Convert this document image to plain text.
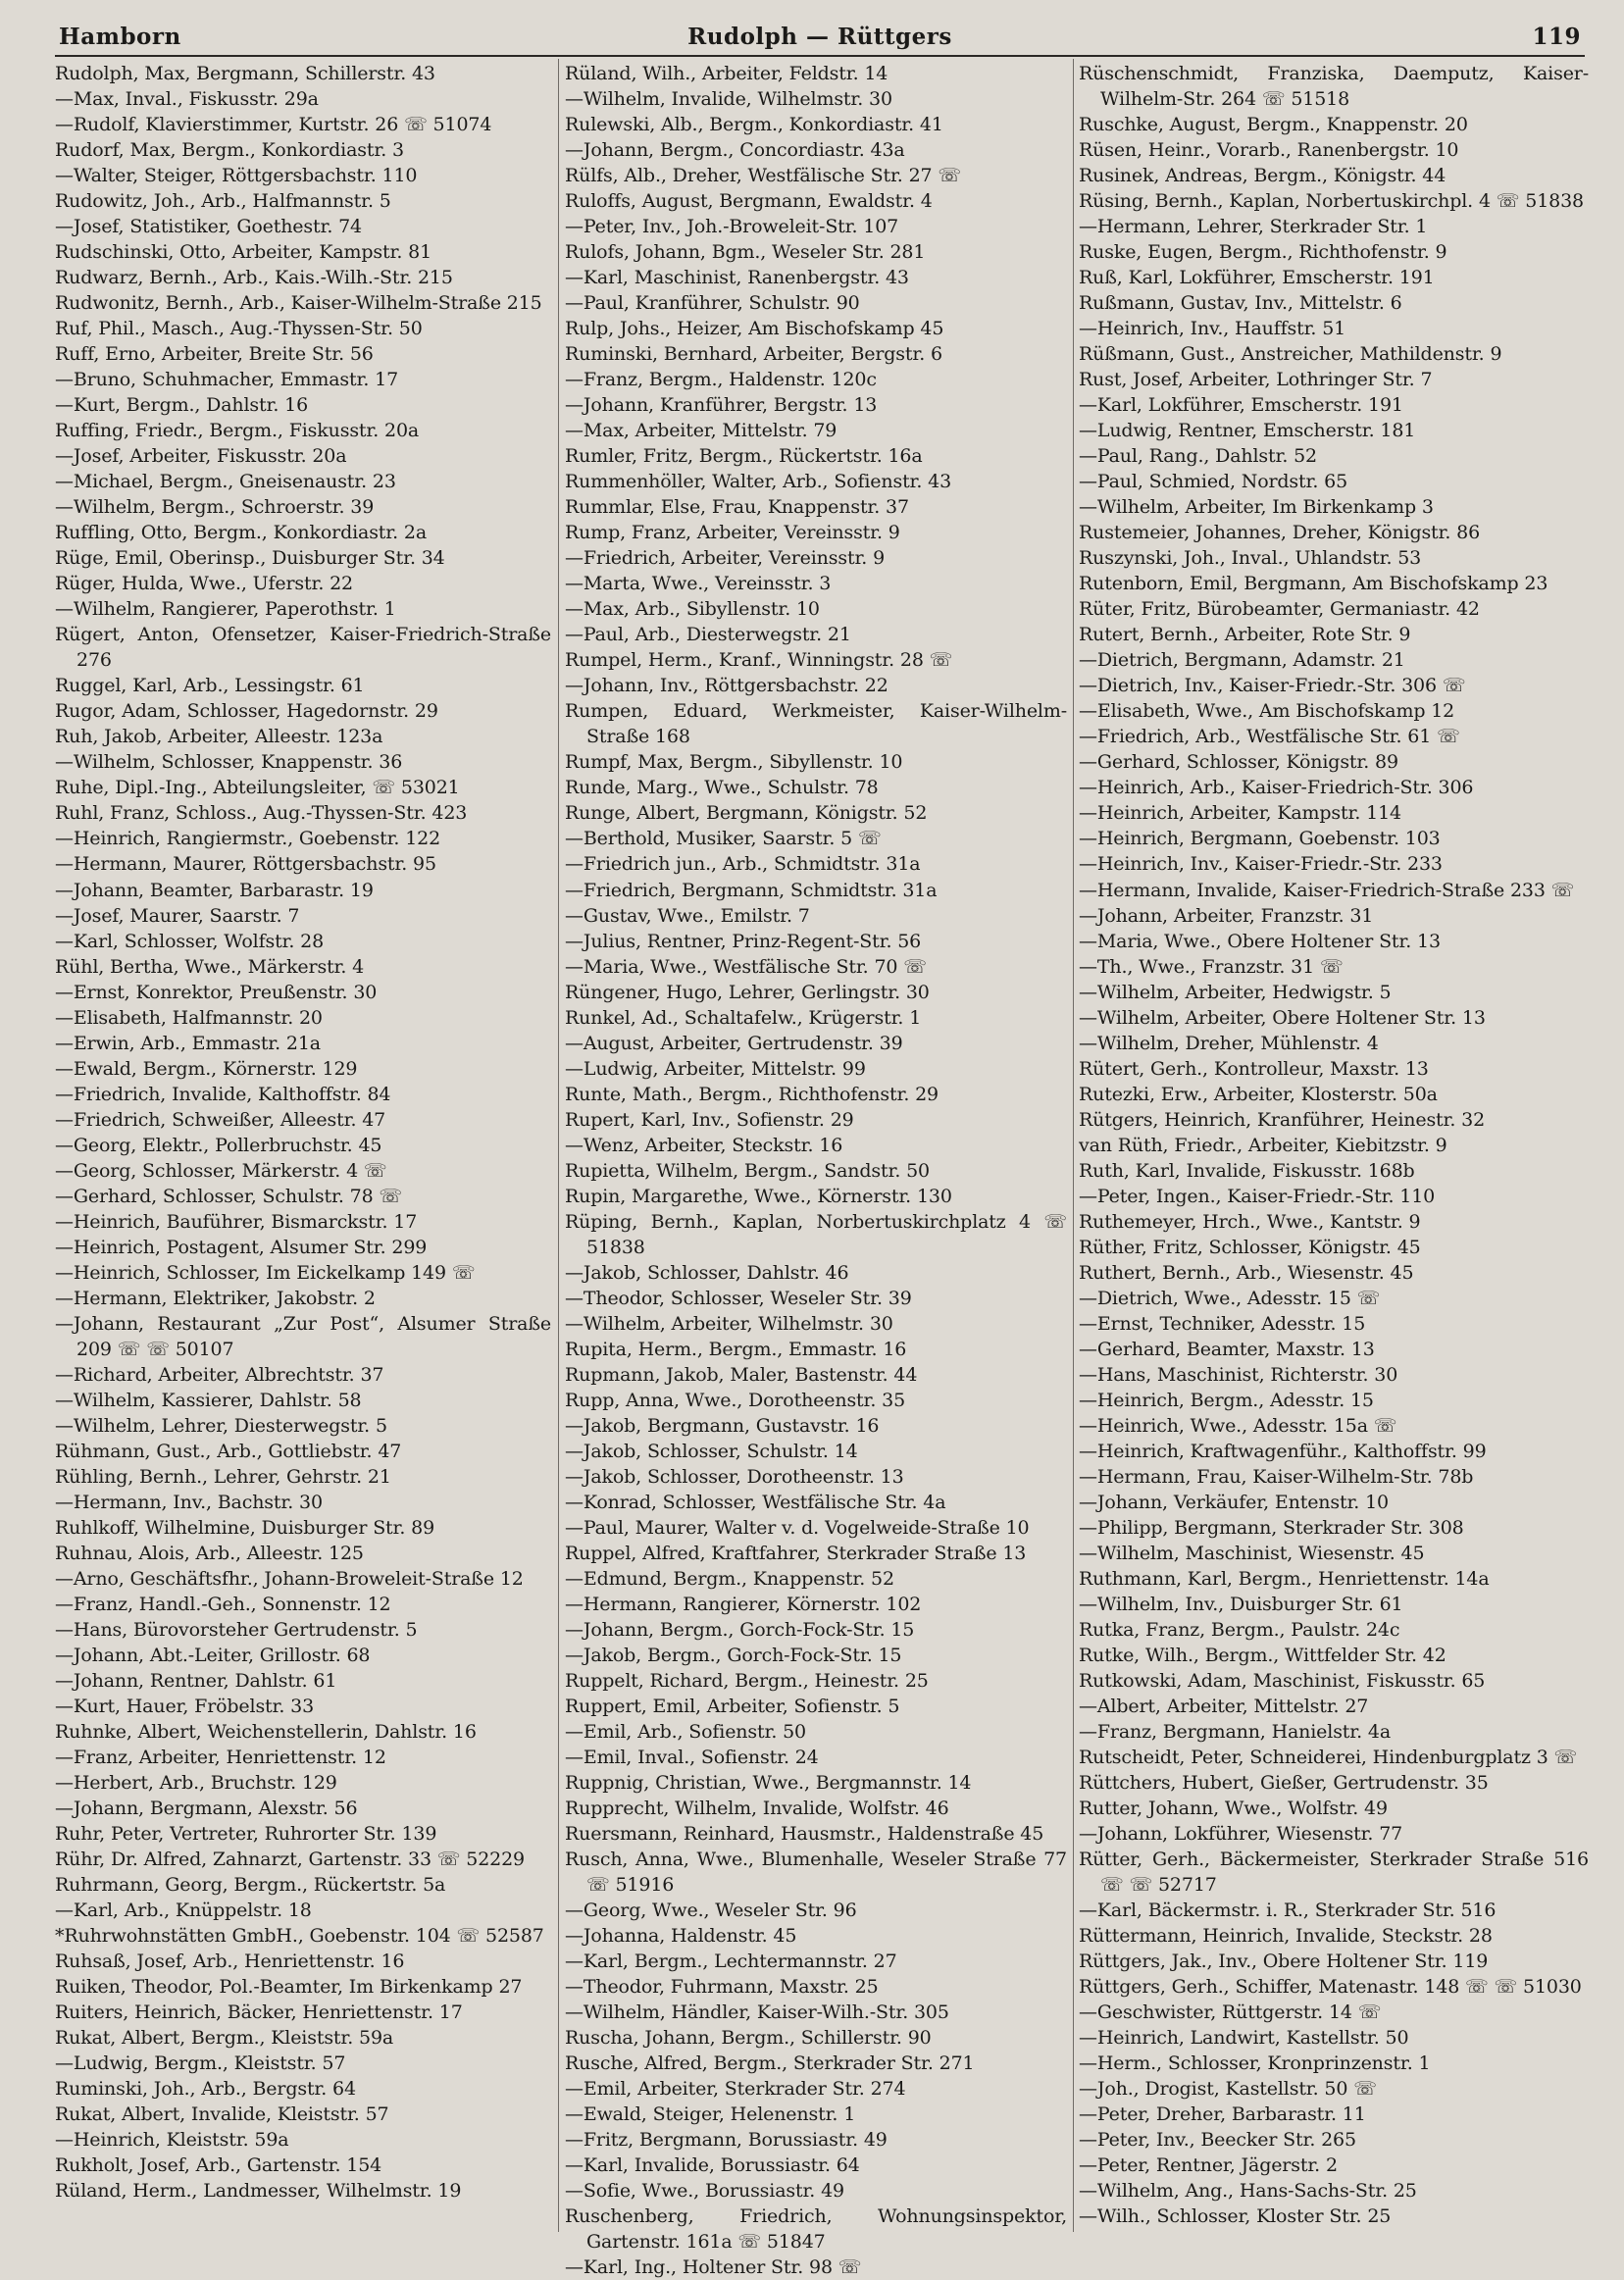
Hamborn	Rudolph — Rüttgers	119
Rudolph, Max, Bergmann, Schillerstr. 43
—Max, Inval., Fiskusstr. 29a
—Rudolf, Klavierstimmer, Kurtstr. 26 ☏ 51074
Rudorf, Max, Bergm., Konkordiastr. 3
—Walter, Steiger, Röttgersbachstr. 110
Rudowitz, Joh., Arb., Halfmannstr. 5
—Josef, Statistiker, Goethestr. 74
Rudschinski, Otto, Arbeiter, Kampstr. 81
Rudwarz, Bernh., Arb., Kais.-Wilh.-Str. 215
Rudwonitz, Bernh., Arb., Kaiser-Wilhelm-Straße 215
Ruf, Phil., Masch., Aug.-Thyssen-Str. 50
Ruff, Erno, Arbeiter, Breite Str. 56
—Bruno, Schuhmacher, Emmastr. 17
—Kurt, Bergm., Dahlstr. 16
Ruffing, Friedr., Bergm., Fiskusstr. 20a
—Josef, Arbeiter, Fiskusstr. 20a
—Michael, Bergm., Gneisenaustr. 23
—Wilhelm, Bergm., Schroerstr. 39
Ruffling, Otto, Bergm., Konkordiastr. 2a
Rüge, Emil, Oberinsp., Duisburger Str. 34
Rüger, Hulda, Wwe., Uferstr. 22
—Wilhelm, Rangierer, Paperothstr. 1
Rügert, Anton, Ofensetzer, Kaiser-Friedrich-Straße 276
Ruggel, Karl, Arb., Lessingstr. 61
Rugor, Adam, Schlosser, Hagedornstr. 29
Ruh, Jakob, Arbeiter, Alleestr. 123a
—Wilhelm, Schlosser, Knappenstr. 36
Ruhe, Dipl.-Ing., Abteilungsleiter, ☏ 53021
Ruhl, Franz, Schloss., Aug.-Thyssen-Str. 423
—Heinrich, Rangiermstr., Goebenstr. 122
—Hermann, Maurer, Röttgersbachstr. 95
—Johann, Beamter, Barbarastr. 19
—Josef, Maurer, Saarstr. 7
—Karl, Schlosser, Wolfstr. 28
Rühl, Bertha, Wwe., Märkerstr. 4
—Ernst, Konrektor, Preußenstr. 30
—Elisabeth, Halfmannstr. 20
—Erwin, Arb., Emmastr. 21a
—Ewald, Bergm., Körnerstr. 129
—Friedrich, Invalide, Kalthoffstr. 84
—Friedrich, Schweißer, Alleestr. 47
—Georg, Elektr., Pollerbruchstr. 45
—Georg, Schlosser, Märkerstr. 4 ☏
—Gerhard, Schlosser, Schulstr. 78 ☏
—Heinrich, Bauführer, Bismarckstr. 17
—Heinrich, Postagent, Alsumer Str. 299
—Heinrich, Schlosser, Im Eickelkamp 149 ☏
—Hermann, Elektriker, Jakobstr. 2
—Johann, Restaurant „Zur Post“, Alsumer Straße 209 ☏ ☏ 50107
—Richard, Arbeiter, Albrechtstr. 37
—Wilhelm, Kassierer, Dahlstr. 58
—Wilhelm, Lehrer, Diesterwegstr. 5
Rühmann, Gust., Arb., Gottliebstr. 47
Rühling, Bernh., Lehrer, Gehrstr. 21
—Hermann, Inv., Bachstr. 30
Ruhlkoff, Wilhelmine, Duisburger Str. 89
Ruhnau, Alois, Arb., Alleestr. 125
—Arno, Geschäftsfhr., Johann-Broweleit-Straße 12
—Franz, Handl.-Geh., Sonnenstr. 12
—Hans, Bürovorsteher Gertrudenstr. 5
—Johann, Abt.-Leiter, Grillostr. 68
—Johann, Rentner, Dahlstr. 61
—Kurt, Hauer, Fröbelstr. 33
Ruhnke, Albert, Weichenstellerin, Dahlstr. 16
—Franz, Arbeiter, Henriettenstr. 12
—Herbert, Arb., Bruchstr. 129
—Johann, Bergmann, Alexstr. 56
Ruhr, Peter, Vertreter, Ruhrorter Str. 139
Rühr, Dr. Alfred, Zahnarzt, Gartenstr. 33 ☏ 52229
Ruhrmann, Georg, Bergm., Rückertstr. 5a
—Karl, Arb., Knüppelstr. 18
*Ruhrwohnstätten GmbH., Goebenstr. 104 ☏ 52587
Ruhsaß, Josef, Arb., Henriettenstr. 16
Ruiken, Theodor, Pol.-Beamter, Im Birkenkamp 27
Ruiters, Heinrich, Bäcker, Henriettenstr. 17
Rukat, Albert, Bergm., Kleiststr. 59a
—Ludwig, Bergm., Kleiststr. 57
Ruminski, Joh., Arb., Bergstr. 64
Rukat, Albert, Invalide, Kleiststr. 57
—Heinrich, Kleiststr. 59a
Rukholt, Josef, Arb., Gartenstr. 154
Rüland, Herm., Landmesser, Wilhelmstr. 19
Rüland, Wilh., Arbeiter, Feldstr. 14
—Wilhelm, Invalide, Wilhelmstr. 30
Rulewski, Alb., Bergm., Konkordiastr. 41
—Johann, Bergm., Concordiastr. 43a
Rülfs, Alb., Dreher, Westfälische Str. 27 ☏
Ruloffs, August, Bergmann, Ewaldstr. 4
—Peter, Inv., Joh.-Broweleit-Str. 107
Rulofs, Johann, Bgm., Weseler Str. 281
—Karl, Maschinist, Ranenbergstr. 43
—Paul, Kranführer, Schulstr. 90
Rulp, Johs., Heizer, Am Bischofskamp 45
Ruminski, Bernhard, Arbeiter, Bergstr. 6
—Franz, Bergm., Haldenstr. 120c
—Johann, Kranführer, Bergstr. 13
—Max, Arbeiter, Mittelstr. 79
Rumler, Fritz, Bergm., Rückertstr. 16a
Rummenhöller, Walter, Arb., Sofienstr. 43
Rummlar, Else, Frau, Knappenstr. 37
Rump, Franz, Arbeiter, Vereinsstr. 9
—Friedrich, Arbeiter, Vereinsstr. 9
—Marta, Wwe., Vereinsstr. 3
—Max, Arb., Sibyllenstr. 10
—Paul, Arb., Diesterwegstr. 21
Rumpel, Herm., Kranf., Winningstr. 28 ☏
—Johann, Inv., Röttgersbachstr. 22
Rumpen, Eduard, Werkmeister, Kaiser-Wilhelm-Straße 168
Rumpf, Max, Bergm., Sibyllenstr. 10
Runde, Marg., Wwe., Schulstr. 78
Runge, Albert, Bergmann, Königstr. 52
—Berthold, Musiker, Saarstr. 5 ☏
—Friedrich jun., Arb., Schmidtstr. 31a
—Friedrich, Bergmann, Schmidtstr. 31a
—Gustav, Wwe., Emilstr. 7
—Julius, Rentner, Prinz-Regent-Str. 56
—Maria, Wwe., Westfälische Str. 70 ☏
Rüngener, Hugo, Lehrer, Gerlingstr. 30
Runkel, Ad., Schaltafelw., Krügerstr. 1
—August, Arbeiter, Gertrudenstr. 39
—Ludwig, Arbeiter, Mittelstr. 99
Runte, Math., Bergm., Richthofenstr. 29
Rupert, Karl, Inv., Sofienstr. 29
—Wenz, Arbeiter, Steckstr. 16
Rupietta, Wilhelm, Bergm., Sandstr. 50
Rupin, Margarethe, Wwe., Körnerstr. 130
Rüping, Bernh., Kaplan, Norbertuskirchplatz 4 ☏ 51838
—Jakob, Schlosser, Dahlstr. 46
—Theodor, Schlosser, Weseler Str. 39
—Wilhelm, Arbeiter, Wilhelmstr. 30
Rupita, Herm., Bergm., Emmastr. 16
Rupmann, Jakob, Maler, Bastenstr. 44
Rupp, Anna, Wwe., Dorotheenstr. 35
—Jakob, Bergmann, Gustavstr. 16
—Jakob, Schlosser, Schulstr. 14
—Jakob, Schlosser, Dorotheenstr. 13
—Konrad, Schlosser, Westfälische Str. 4a
—Paul, Maurer, Walter v. d. Vogelweide-Straße 10
Ruppel, Alfred, Kraftfahrer, Sterkrader Straße 13
—Edmund, Bergm., Knappenstr. 52
—Hermann, Rangierer, Körnerstr. 102
—Johann, Bergm., Gorch-Fock-Str. 15
—Jakob, Bergm., Gorch-Fock-Str. 15
Ruppelt, Richard, Bergm., Heinestr. 25
Ruppert, Emil, Arbeiter, Sofienstr. 5
—Emil, Arb., Sofienstr. 50
—Emil, Inval., Sofienstr. 24
Ruppnig, Christian, Wwe., Bergmannstr. 14
Rupprecht, Wilhelm, Invalide, Wolfstr. 46
Ruersmann, Reinhard, Hausmstr., Haldenstraße 45
Rusch, Anna, Wwe., Blumenhalle, Weseler Straße 77 ☏ 51916
—Georg, Wwe., Weseler Str. 96
—Johanna, Haldenstr. 45
—Karl, Bergm., Lechtermannstr. 27
—Theodor, Fuhrmann, Maxstr. 25
—Wilhelm, Händler, Kaiser-Wilh.-Str. 305
Ruscha, Johann, Bergm., Schillerstr. 90
Rusche, Alfred, Bergm., Sterkrader Str. 271
—Emil, Arbeiter, Sterkrader Str. 274
—Ewald, Steiger, Helenenstr. 1
—Fritz, Bergmann, Borussiastr. 49
—Karl, Invalide, Borussiastr. 64
—Sofie, Wwe., Borussiastr. 49
Ruschenberg, Friedrich, Wohnungsinspektor, Gartenstr. 161a ☏ 51847
—Karl, Ing., Holtener Str. 98 ☏
Rüschenschmidt, Franziska, Daemputz, Kaiser-Wilhelm-Str. 264 ☏ 51518
Ruschke, August, Bergm., Knappenstr. 20
Rüsen, Heinr., Vorarb., Ranenbergstr. 10
Rusinek, Andreas, Bergm., Königstr. 44
Rüsing, Bernh., Kaplan, Norbertuskirchpl. 4 ☏ 51838
—Hermann, Lehrer, Sterkrader Str. 1
Ruske, Eugen, Bergm., Richthofenstr. 9
Ruß, Karl, Lokführer, Emscherstr. 191
Rußmann, Gustav, Inv., Mittelstr. 6
—Heinrich, Inv., Hauffstr. 51
Rüßmann, Gust., Anstreicher, Mathildenstr. 9
Rust, Josef, Arbeiter, Lothringer Str. 7
—Karl, Lokführer, Emscherstr. 191
—Ludwig, Rentner, Emscherstr. 181
—Paul, Rang., Dahlstr. 52
—Paul, Schmied, Nordstr. 65
—Wilhelm, Arbeiter, Im Birkenkamp 3
Rustemeier, Johannes, Dreher, Königstr. 86
Ruszynski, Joh., Inval., Uhlandstr. 53
Rutenborn, Emil, Bergmann, Am Bischofskamp 23
Rüter, Fritz, Bürobeamter, Germaniastr. 42
Rutert, Bernh., Arbeiter, Rote Str. 9
—Dietrich, Bergmann, Adamstr. 21
—Dietrich, Inv., Kaiser-Friedr.-Str. 306 ☏
—Elisabeth, Wwe., Am Bischofskamp 12
—Friedrich, Arb., Westfälische Str. 61 ☏
—Gerhard, Schlosser, Königstr. 89
—Heinrich, Arb., Kaiser-Friedrich-Str. 306
—Heinrich, Arbeiter, Kampstr. 114
—Heinrich, Bergmann, Goebenstr. 103
—Heinrich, Inv., Kaiser-Friedr.-Str. 233
—Hermann, Invalide, Kaiser-Friedrich-Straße 233 ☏
—Johann, Arbeiter, Franzstr. 31
—Maria, Wwe., Obere Holtener Str. 13
—Th., Wwe., Franzstr. 31 ☏
—Wilhelm, Arbeiter, Hedwigstr. 5
—Wilhelm, Arbeiter, Obere Holtener Str. 13
—Wilhelm, Dreher, Mühlenstr. 4
Rütert, Gerh., Kontrolleur, Maxstr. 13
Rutezki, Erw., Arbeiter, Klosterstr. 50a
Rütgers, Heinrich, Kranführer, Heinestr. 32
van Rüth, Friedr., Arbeiter, Kiebitzstr. 9
Ruth, Karl, Invalide, Fiskusstr. 168b
—Peter, Ingen., Kaiser-Friedr.-Str. 110
Ruthemeyer, Hrch., Wwe., Kantstr. 9
Rüther, Fritz, Schlosser, Königstr. 45
Ruthert, Bernh., Arb., Wiesenstr. 45
—Dietrich, Wwe., Adesstr. 15 ☏
—Ernst, Techniker, Adesstr. 15
—Gerhard, Beamter, Maxstr. 13
—Hans, Maschinist, Richterstr. 30
—Heinrich, Bergm., Adesstr. 15
—Heinrich, Wwe., Adesstr. 15a ☏
—Heinrich, Kraftwagenführ., Kalthoffstr. 99
—Hermann, Frau, Kaiser-Wilhelm-Str. 78b
—Johann, Verkäufer, Entenstr. 10
—Philipp, Bergmann, Sterkrader Str. 308
—Wilhelm, Maschinist, Wiesenstr. 45
Ruthmann, Karl, Bergm., Henriettenstr. 14a
—Wilhelm, Inv., Duisburger Str. 61
Rutka, Franz, Bergm., Paulstr. 24c
Rutke, Wilh., Bergm., Wittfelder Str. 42
Rutkowski, Adam, Maschinist, Fiskusstr. 65
—Albert, Arbeiter, Mittelstr. 27
—Franz, Bergmann, Hanielstr. 4a
Rutscheidt, Peter, Schneiderei, Hindenburgplatz 3 ☏
Rüttchers, Hubert, Gießer, Gertrudenstr. 35
Rutter, Johann, Wwe., Wolfstr. 49
—Johann, Lokführer, Wiesenstr. 77
Rütter, Gerh., Bäckermeister, Sterkrader Straße 516 ☏ ☏ 52717
—Karl, Bäckermstr. i. R., Sterkrader Str. 516
Rüttermann, Heinrich, Invalide, Steckstr. 28
Rüttgers, Jak., Inv., Obere Holtener Str. 119
Rüttgers, Gerh., Schiffer, Matenastr. 148 ☏ ☏ 51030
—Geschwister, Rüttgerstr. 14 ☏
—Heinrich, Landwirt, Kastellstr. 50
—Herm., Schlosser, Kronprinzenstr. 1
—Joh., Drogist, Kastellstr. 50 ☏
—Peter, Dreher, Barbarastr. 11
—Peter, Inv., Beecker Str. 265
—Peter, Rentner, Jägerstr. 2
—Wilhelm, Ang., Hans-Sachs-Str. 25
—Wilh., Schlosser, Kloster Str. 25
